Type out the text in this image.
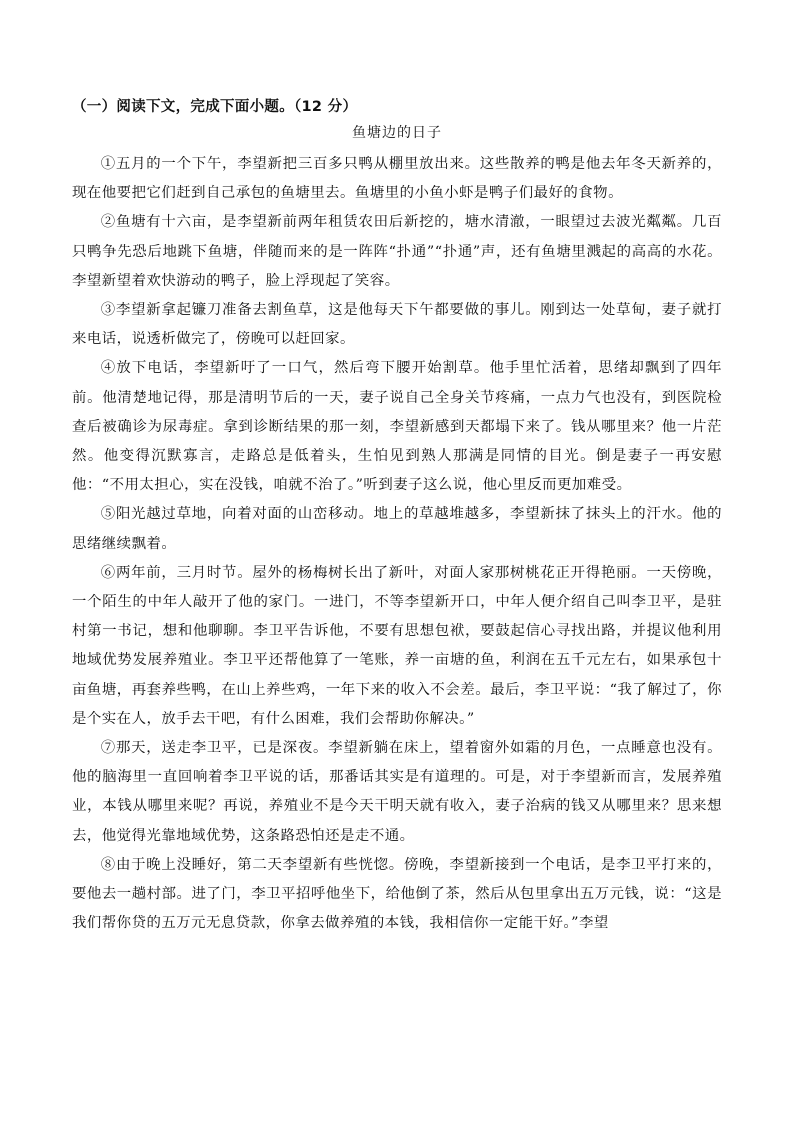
（一）阅读下文，完成下面小题。（12 分）
鱼塘边的日子

①五月的一个下午，李望新把三百多只鸭从棚里放出来。这些散养的鸭是他去年冬天新养的，现在他要把它们赶到自己承包的鱼塘里去。鱼塘里的小鱼小虾是鸭子们最好的食物。

②鱼塘有十六亩，是李望新前两年租赁农田后新挖的，塘水清澈，一眼望过去波光粼粼。几百只鸭争先恐后地跳下鱼塘，伴随而来的是一阵阵“扑通”“扑通”声，还有鱼塘里溅起的高高的水花。李望新望着欢快游动的鸭子，脸上浮现起了笑容。

③李望新拿起镰刀准备去割鱼草，这是他每天下午都要做的事儿。刚到达一处草甸，妻子就打来电话，说透析做完了，傍晚可以赶回家。

④放下电话，李望新吁了一口气，然后弯下腰开始割草。他手里忙活着，思绪却飘到了四年前。他清楚地记得，那是清明节后的一天，妻子说自己全身关节疼痛，一点力气也没有，到医院检查后被确诊为尿毒症。拿到诊断结果的那一刻，李望新感到天都塌下来了。钱从哪里来？他一片茫然。他变得沉默寡言，走路总是低着头，生怕见到熟人那满是同情的目光。倒是妻子一再安慰他：“不用太担心，实在没钱，咱就不治了。”听到妻子这么说，他心里反而更加难受。

⑤阳光越过草地，向着对面的山峦移动。地上的草越堆越多，李望新抹了抹头上的汗水。他的思绪继续飘着。

⑥两年前，三月时节。屋外的杨梅树长出了新叶，对面人家那树桃花正开得艳丽。一天傍晚，一个陌生的中年人敲开了他的家门。一进门，不等李望新开口，中年人便介绍自己叫李卫平，是驻村第一书记，想和他聊聊。李卫平告诉他，不要有思想包袱，要鼓起信心寻找出路，并提议他利用地域优势发展养殖业。李卫平还帮他算了一笔账，养一亩塘的鱼，利润在五千元左右，如果承包十亩鱼塘，再套养些鸭，在山上养些鸡，一年下来的收入不会差。最后，李卫平说：“我了解过了，你是个实在人，放手去干吧，有什么困难，我们会帮助你解决。”

⑦那天，送走李卫平，已是深夜。李望新躺在床上，望着窗外如霜的月色，一点睡意也没有。他的脑海里一直回响着李卫平说的话，那番话其实是有道理的。可是，对于李望新而言，发展养殖业，本钱从哪里来呢？再说，养殖业不是今天干明天就有收入，妻子治病的钱又从哪里来？思来想去，他觉得光靠地域优势，这条路恐怕还是走不通。

⑧由于晚上没睡好，第二天李望新有些恍惚。傍晚，李望新接到一个电话，是李卫平打来的，要他去一趟村部。进了门，李卫平招呼他坐下，给他倒了茶，然后从包里拿出五万元钱，说：“这是我们帮你贷的五万元无息贷款，你拿去做养殖的本钱，我相信你一定能干好。”李望
